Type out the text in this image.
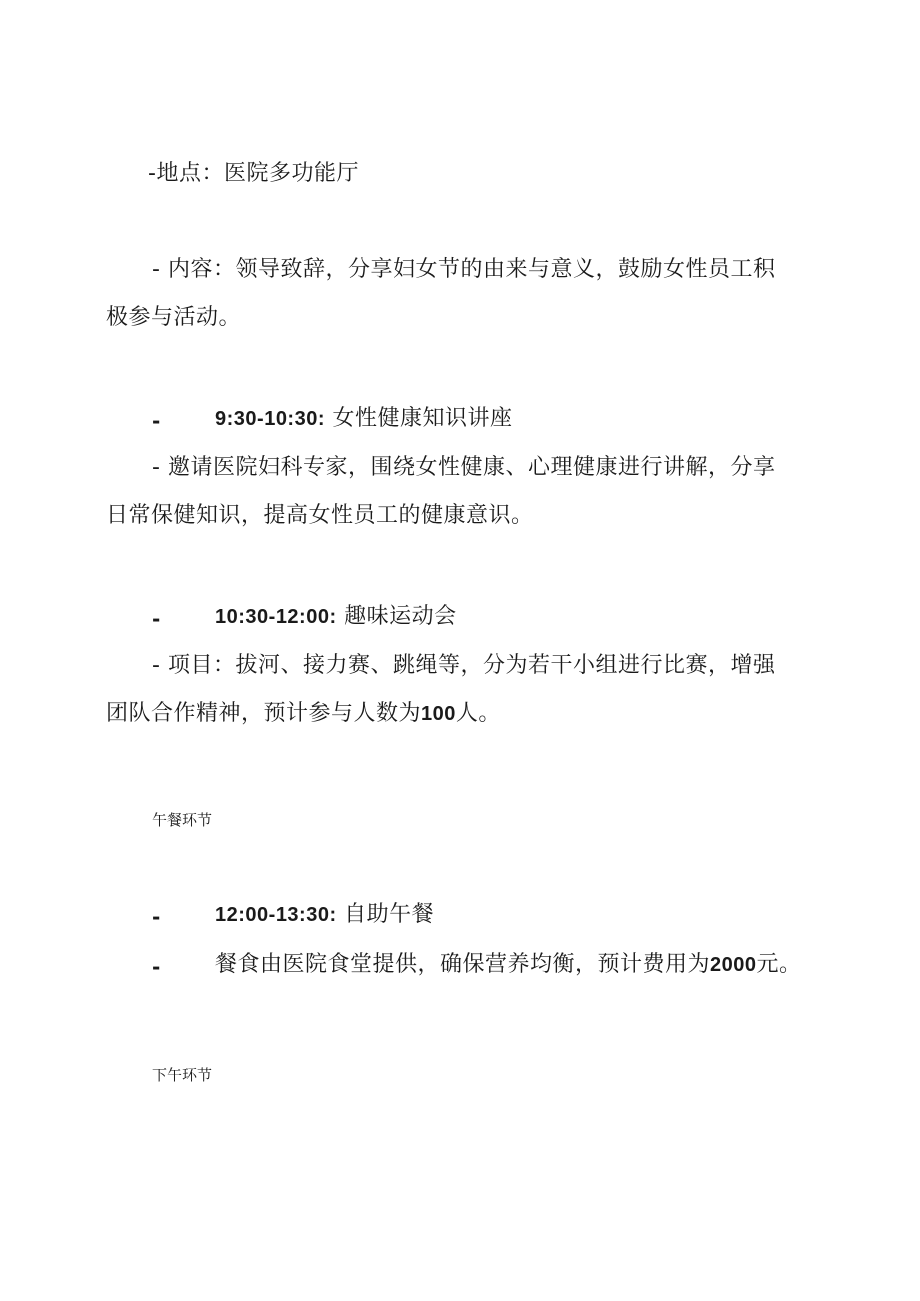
-地点：医院多功能厅
- 内容：领导致辞，分享妇女节的由来与意义，鼓励女性员工积
极参与活动。
-	9:30-10:30: 女性健康知识讲座
- 邀请医院妇科专家，围绕女性健康、心理健康进行讲解，分享
日常保健知识，提高女性员工的健康意识。
-	10:30-12:00: 趣味运动会
- 项目：拔河、接力赛、跳绳等，分为若干小组进行比赛，增强
团队合作精神，预计参与人数为100人。
午餐环节
-	12:00-13:30: 自助午餐
- 餐食由医院食堂提供，确保营养均衡，预计费用为2000元。
下午环节
